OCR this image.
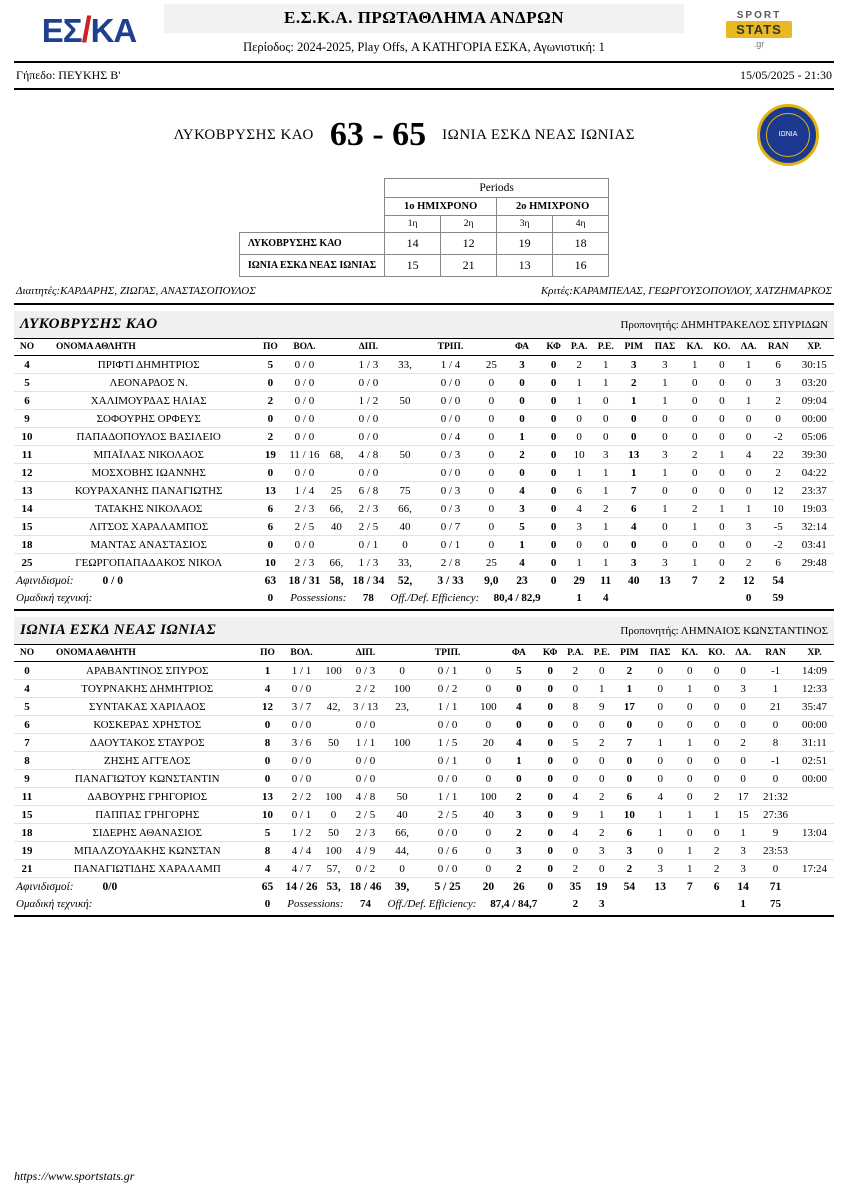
ΕΣ/ΚΑ	Ε.Σ.Κ.Α. ΠΡΩΤΑΘΛΗΜΑ ΑΝΔΡΩΝ
Περίοδος: 2024-2025, Play Offs, Α ΚΑΤΗΓΟΡΙΑ ΕΣΚΑ, Αγωνιστική: 1
SPORT
STATS
.gr
Γήπεδο: ΠΕΥΚΗΣ Β'	15/05/2025 - 21:30
ΛΥΚΟΒΡΥΣΗΣ ΚΑΟ 63 - 65	ΙΩΝΙΑ ΕΣΚΔ ΝΕΑΣ ΙΩΝΙΑΣ	ΙΩΝΙΑ
	Periods			
	1ο ΗΜΙΧΡΟΝΟ		2ο ΗΜΙΧΡΟΝΟ	
	1η	2η	3η	4η
ΛΥΚΟΒΡΥΣΗΣ ΚΑΟ	14	12	19	18
ΙΩΝΙΑ ΕΣΚΔ ΝΕΑΣ ΙΩΝΙΑΣ	15	21	13	16
Διαιτητές:ΚΑΡΔΑΡΗΣ, ΖΙΩΓΑΣ, ΑΝΑΣΤΑΣΟΠΟΥΛΟΣ	Κριτές:ΚΑΡΑΜΠΕΛΑΣ, ΓΕΩΡΓΟΥΣΟΠΟΥΛΟΥ, ΧΑΤΖΗΜΑΡΚΟΣ
ΛΥΚΟΒΡΥΣΗΣ ΚΑΟ	Προπονητής: ΔΗΜΗΤΡΑΚΕΛΟΣ ΣΠΥΡΙΔΩΝ
ΝΟ	ΟΝΟΜΑ ΑΘΛΗΤΗ	ΠΟ	ΒΟΛ.		ΔΙΠ.		ΤΡΙΠ.		ΦΑ	ΚΦ	Ρ.Α.	Ρ.Ε.	ΡΙΜ	ΠΑΣ	ΚΛ.	ΚΟ.	ΛΑ.	RAN	ΧΡ.
4	ΠΡΙΦΤΙ ΔΗΜΗΤΡΙΟΣ	5	0 / 0		1 / 3	33,	1 / 4	25	3	0	2	1	3	3	1	0	1	6	30:15
5	ΛΕΟΝΑΡΔΟΣ Ν.	0	0 / 0		0 / 0		0 / 0	0	0	0	1	1	2	1	0	0	0	3	03:20
6	ΧΑΛΙΜΟΥΡΔΑΣ ΗΛΙΑΣ	2	0 / 0		1 / 2	50	0 / 0	0	0	0	1	0	1	1	0	0	1	2	09:04
9	ΣΟΦΟΥΡΗΣ ΟΡΦΕΥΣ	0	0 / 0		0 / 0		0 / 0	0	0	0	0	0	0	0	0	0	0	0	00:00
10	ΠΑΠΑΔΟΠΟΥΛΟΣ ΒΑΣΙΛΕΙΟ	2	0 / 0		0 / 0		0 / 4	0	1	0	0	0	0	0	0	0	0	-2	05:06
11	ΜΠΑΪΛΑΣ ΝΙΚΟΛΑΟΣ	19	11 / 16	68,	4 / 8	50	0 / 3	0	2	0	10	3	13	3	2	1	4	22	39:30
12	ΜΟΣΧΟΒΗΣ ΙΩΑΝΝΗΣ	0	0 / 0		0 / 0		0 / 0	0	0	0	1	1	1	1	0	0	0	2	04:22
13	ΚΟΥΡΑΧΑΝΗΣ ΠΑΝΑΓΙΩΤΗΣ	13	1 / 4	25	6 / 8	75	0 / 3	0	4	0	6	1	7	0	0	0	0	12	23:37
14	ΤΑΤΑΚΗΣ ΝΙΚΟΛΑΟΣ	6	2 / 3	66,	2 / 3	66,	0 / 3	0	3	0	4	2	6	1	2	1	1	10	19:03
15	ΛΙΤΣΟΣ ΧΑΡΑΛΑΜΠΟΣ	6	2 / 5	40	2 / 5	40	0 / 7	0	5	0	3	1	4	0	1	0	3	-5	32:14
18	ΜΑΝΤΑΣ ΑΝΑΣΤΑΣΙΟΣ	0	0 / 0		0 / 1	0	0 / 1	0	1	0	0	0	0	0	0	0	0	-2	03:41
25	ΓΕΩΡΓΟΠΑΠΑΔΑΚΟΣ ΝΙΚΟΛ	10	2 / 3	66,	1 / 3	33,	2 / 8	25	4	0	1	1	3	3	1	0	2	6	29:48
Αφινιδισμοί: 0 / 0		63	18 / 31	58,	18 / 34	52,	3 / 33	9,0	23	0	29	11	40	13	7	2	12	54	
Ομαδική τεχνική:		0	Possessions:		78	Off./Def. Efficiency:		80,4 / 82,9			1	4					0	59	
ΙΩΝΙΑ ΕΣΚΔ ΝΕΑΣ ΙΩΝΙΑΣ	Προπονητής: ΛΗΜΝΑΙΟΣ ΚΩΝΣΤΑΝΤΙΝΟΣ
ΝΟ	ΟΝΟΜΑ ΑΘΛΗΤΗ	ΠΟ	ΒΟΛ.		ΔΙΠ.		ΤΡΙΠ.		ΦΑ	ΚΦ	Ρ.Α.	Ρ.Ε.	ΡΙΜ	ΠΑΣ	ΚΛ.	ΚΟ.	ΛΑ.	RAN	ΧΡ.
0	ΑΡΑΒΑΝΤΙΝΟΣ ΣΠΥΡΟΣ	1	1 / 1	100	0 / 3	0	0 / 1	0	5	0	2	0	2	0	0	0	0	-1	14:09
4	ΤΟΥΡΝΑΚΗΣ ΔΗΜΗΤΡΙΟΣ	4	0 / 0		2 / 2	100	0 / 2	0	0	0	0	1	1	0	1	0	3	1	12:33
5	ΣΥΝΤΑΚΑΣ ΧΑΡΙΛΑΟΣ	12	3 / 7	42,	3 / 13	23,	1 / 1	100	4	0	8	9	17	0	0	0	0	21	35:47
6	ΚΟΣΚΕΡΑΣ ΧΡΗΣΤΟΣ	0	0 / 0		0 / 0		0 / 0	0	0	0	0	0	0	0	0	0	0	0	00:00
7	ΔΑΟΥΤΑΚΟΣ ΣΤΑΥΡΟΣ	8	3 / 6	50	1 / 1	100	1 / 5	20	4	0	5	2	7	1	1	0	2	8	31:11
8	ΖΗΣΗΣ ΑΓΓΕΛΟΣ	0	0 / 0		0 / 0		0 / 1	0	1	0	0	0	0	0	0	0	0	-1	02:51
9	ΠΑΝΑΓΙΩΤΟΥ ΚΩΝΣΤΑΝΤΙΝ	0	0 / 0		0 / 0		0 / 0	0	0	0	0	0	0	0	0	0	0	0	00:00
11	ΔΑΒΟΥΡΗΣ ΓΡΗΓΟΡΙΟΣ	13	2 / 2	100	4 / 8	50	1 / 1	100	2	0	4	2	6	4	0	2	17	21:32	
15	ΠΑΠΠΑΣ ΓΡΗΓΟΡΗΣ	10	0 / 1	0	2 / 5	40	2 / 5	40	3	0	9	1	10	1	1	1	15	27:36	
18	ΣΙΔΕΡΗΣ ΑΘΑΝΑΣΙΟΣ	5	1 / 2	50	2 / 3	66,	0 / 0	0	2	0	4	2	6	1	0	0	1	9	13:04
19	ΜΠΑΛΖΟΥΔΑΚΗΣ ΚΩΝΣΤΑΝ	8	4 / 4	100	4 / 9	44,	0 / 6	0	3	0	0	3	3	0	1	2	3	23:53	
21	ΠΑΝΑΓΙΩΤΙΔΗΣ ΧΑΡΑΛΑΜΠ	4	4 / 7	57,	0 / 2	0	0 / 0	0	2	0	2	0	2	3	1	2	3	0	17:24
Αφινιδισμοί: 0/0		65	14 / 26	53,	18 / 46	39,	5 / 25	20	26	0	35	19	54	13	7	6	14	71	
Ομαδική τεχνική:		0	Possessions:		74	Off./Def. Efficiency:		87,4 / 84,7			2	3					1	75	
https://www.sportstats.gr
